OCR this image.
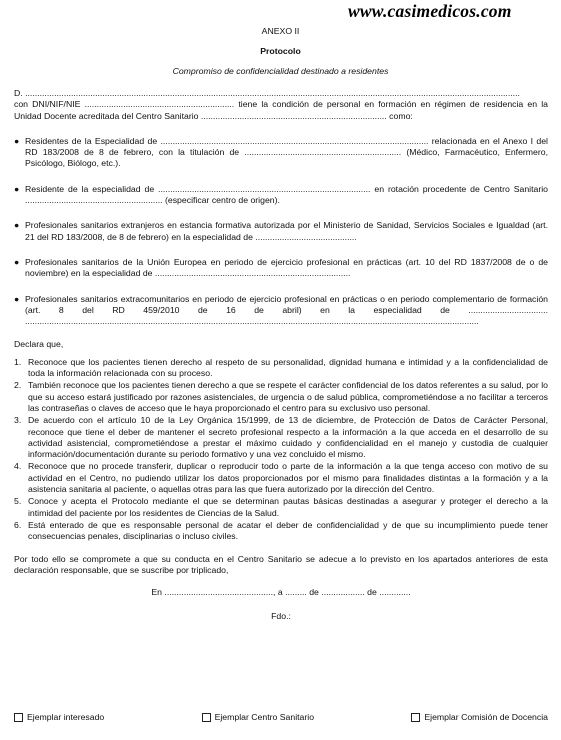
www.casimedicos.com
ANEXO II
Protocolo
Compromiso de confidencialidad destinado a residentes

D. .............................................................................................................................................................................................................

con DNI/NIF/NIE .............................................................. tiene la condición de personal en formación en régimen de residencia en la Unidad Docente acreditada del Centro Sanitario ............................................................................. como:

● Residentes de la Especialidad de ............................................................................................................... relacionada en el Anexo I del RD 183/2008 de 8 de febrero, con la titulación de ................................................................. (Médico, Farmacéutico, Enfermero, Psicólogo, Biólogo, etc.).

● Residente de la especialidad de ........................................................................................ en rotación procedente de Centro Sanitario ......................................................... (especificar centro de origen).

● Profesionales sanitarios extranjeros en estancia formativa autorizada por el Ministerio de Sanidad, Servicios Sociales e Igualdad (art. 21 del RD 183/2008, de 8 de febrero) en la especialidad de ..........................................

● Profesionales sanitarios de la Unión Europea en periodo de ejercicio profesional en prácticas (art. 10 del RD 1837/2008 de o de noviembre) en la especialidad de .................................................................................

● Profesionales sanitarios extracomunitarios en periodo de ejercicio profesional en prácticas o en periodo complementario de formación (art. 8 del RD 459/2010 de 16 de abril) en la especialidad de ................................. ............................................................................................................................................................................................

Declara que,

1. Reconoce que los pacientes tienen derecho al respeto de su personalidad, dignidad humana e intimidad y a la confidencialidad de toda la información relacionada con su proceso.
2. También reconoce que los pacientes tienen derecho a que se respete el carácter confidencial de los datos referentes a su salud, por lo que su acceso estará justificado por razones asistenciales, de urgencia o de salud pública, comprometiéndose a no facilitar a terceros las contraseñas o claves de acceso que le haya proporcionado el centro para su exclusivo uso personal.
3. De acuerdo con el artículo 10 de la Ley Orgánica 15/1999, de 13 de diciembre, de Protección de Datos de Carácter Personal, reconoce que tiene el deber de mantener el secreto profesional respecto a la información a la que acceda en el desarrollo de su actividad asistencial, comprometiéndose a prestar el máximo cuidado y confidencialidad en el manejo y custodia de cualquier información/documentación durante su periodo formativo y una vez concluido el mismo.
4. Reconoce que no procede transferir, duplicar o reproducir todo o parte de la información a la que tenga acceso con motivo de su actividad en el Centro, no pudiendo utilizar los datos proporcionados por el mismo para finalidades distintas a la formación y a la asistencia sanitaria al paciente, o aquellas otras para las que fuera autorizado por la dirección del Centro.
5. Conoce y acepta el Protocolo mediante el que se determinan pautas básicas destinadas a asegurar y proteger el derecho a la intimidad del paciente por los residentes de Ciencias de la Salud.
6. Está enterado de que es responsable personal de acatar el deber de confidencialidad y de que su incumplimiento puede tener consecuencias penales, disciplinarias o incluso civiles.

Por todo ello se compromete a que su conducta en el Centro Sanitario se adecue a lo previsto en los apartados anteriores de esta declaración responsable, que se suscribe por triplicado,

En ............................................., a ......... de .................. de .............

Fdo.:

Ejemplar interesado	Ejemplar Centro Sanitario	Ejemplar Comisión de Docencia
